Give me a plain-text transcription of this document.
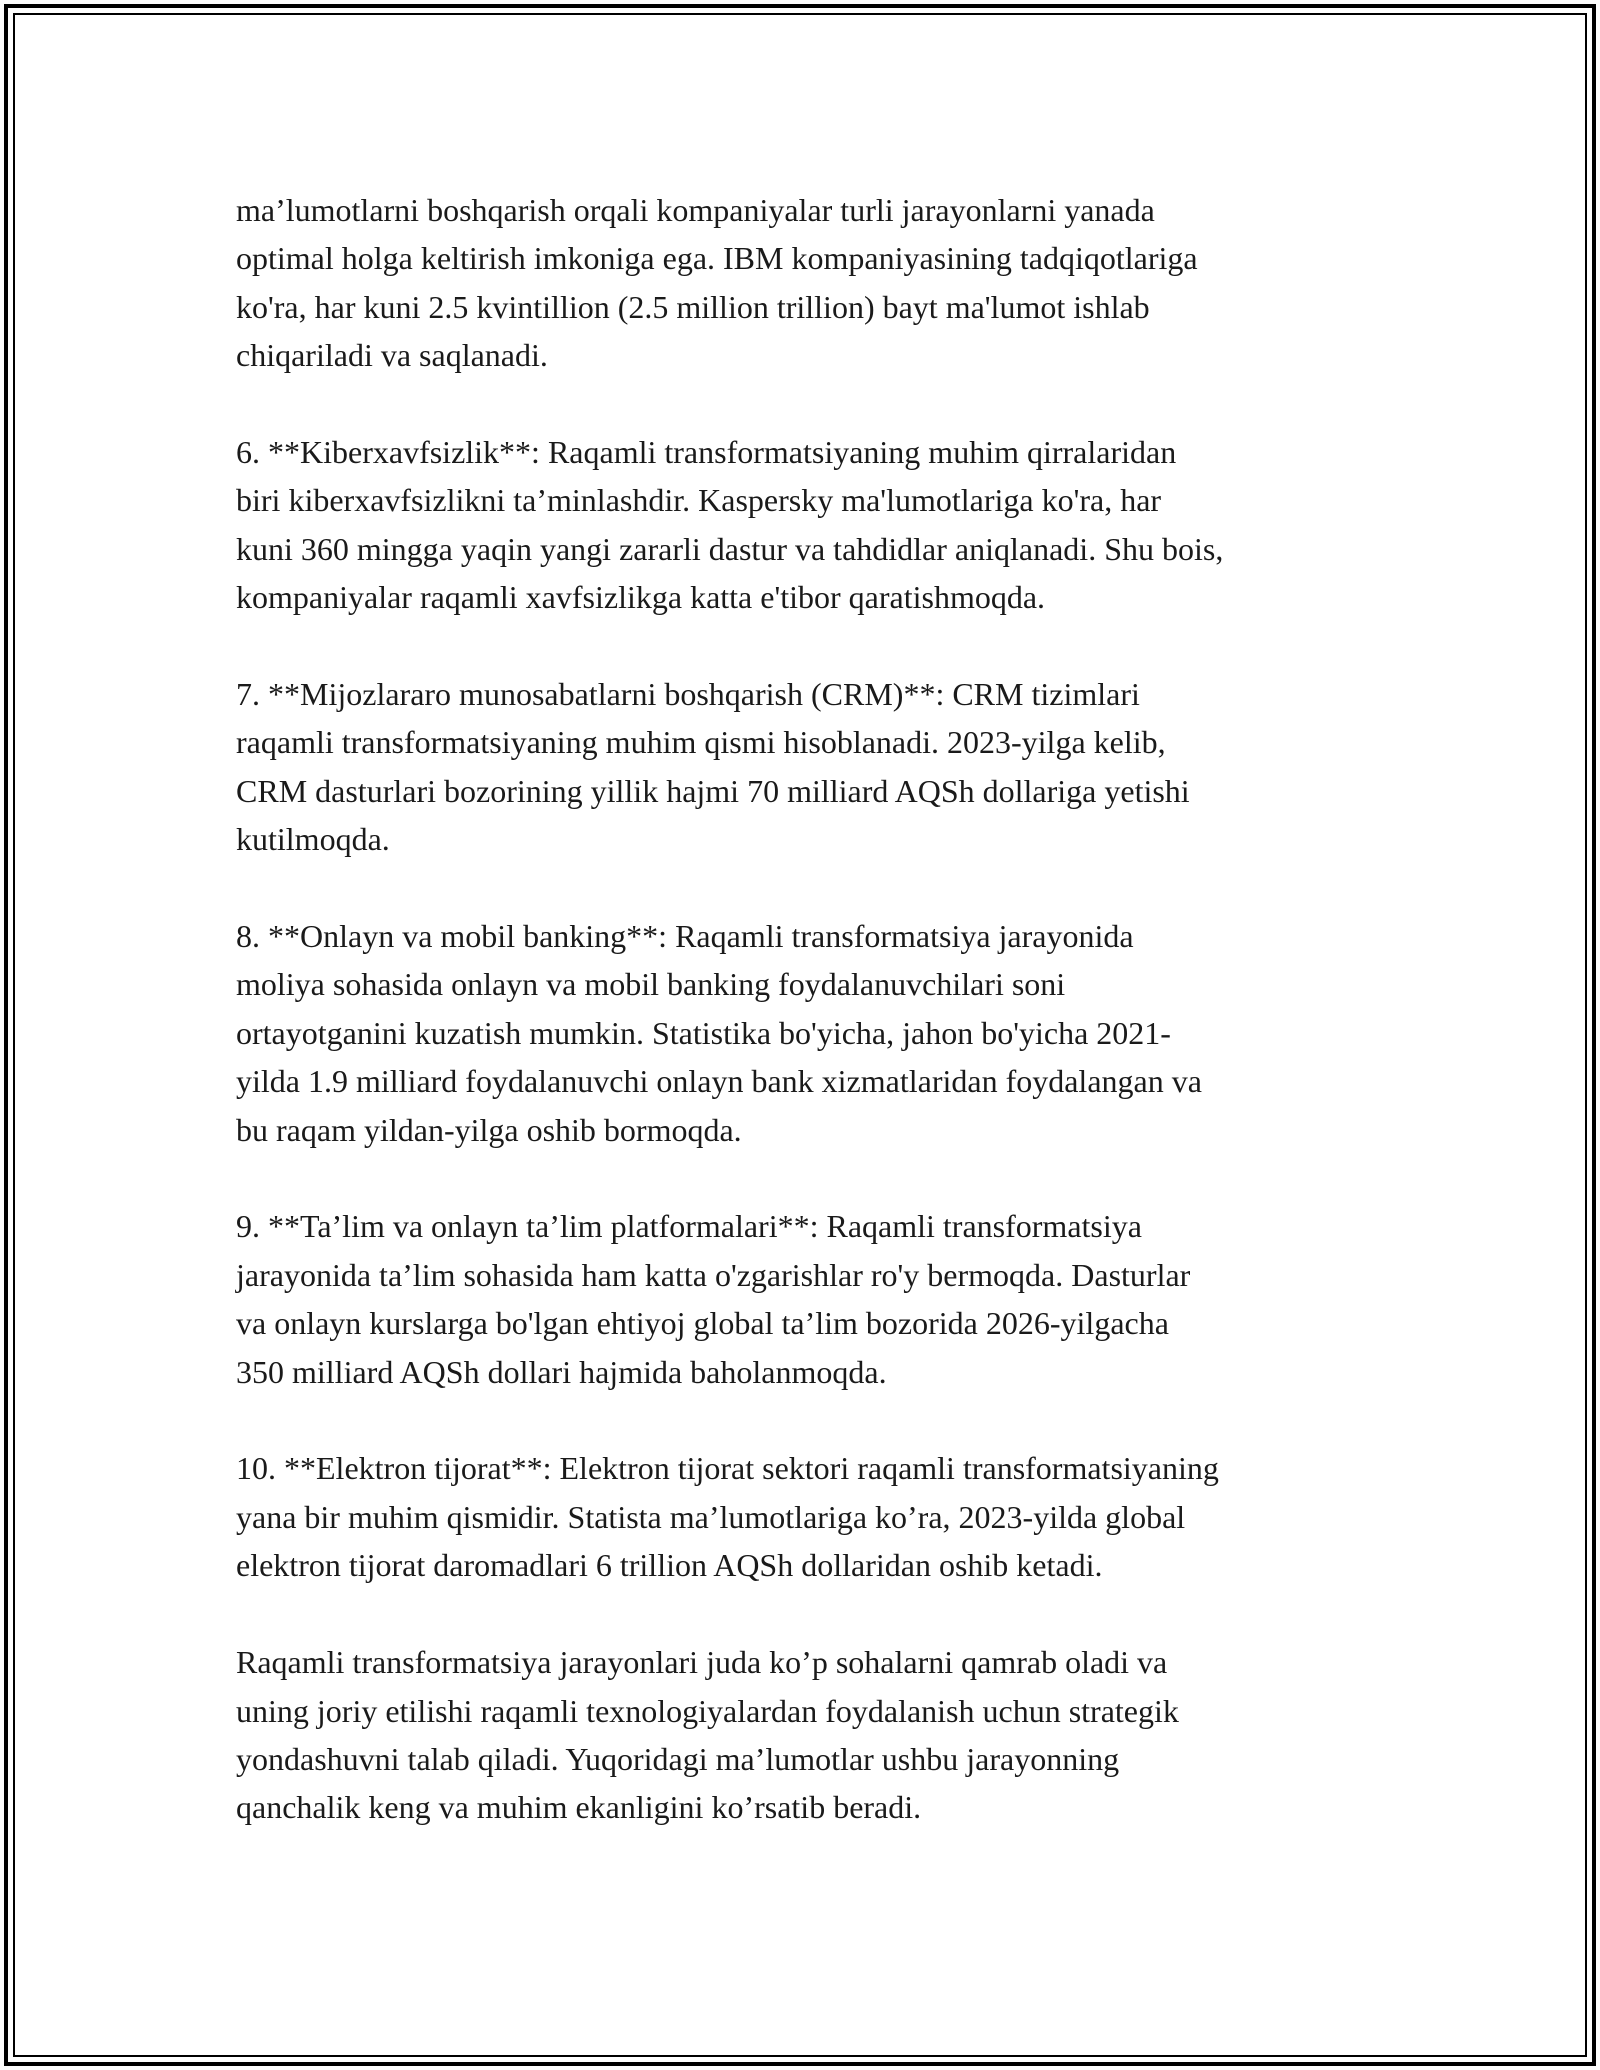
ma’lumotlarni boshqarish orqali kompaniyalar turli jarayonlarni yanada
optimal holga keltirish imkoniga ega. IBM kompaniyasining tadqiqotlariga
ko'ra, har kuni 2.5 kvintillion (2.5 million trillion) bayt ma'lumot ishlab
chiqariladi va saqlanadi.

6. **Kiberxavfsizlik**: Raqamli transformatsiyaning muhim qirralaridan
biri kiberxavfsizlikni ta’minlashdir. Kaspersky ma'lumotlariga ko'ra, har
kuni 360 mingga yaqin yangi zararli dastur va tahdidlar aniqlanadi. Shu bois,
kompaniyalar raqamli xavfsizlikga katta e'tibor qaratishmoqda.

7. **Mijozlararo munosabatlarni boshqarish (CRM)**: CRM tizimlari
raqamli transformatsiyaning muhim qismi hisoblanadi. 2023-yilga kelib,
CRM dasturlari bozorining yillik hajmi 70 milliard AQSh dollariga yetishi
kutilmoqda.

8. **Onlayn va mobil banking**: Raqamli transformatsiya jarayonida
moliya sohasida onlayn va mobil banking foydalanuvchilari soni
ortayotganini kuzatish mumkin. Statistika bo'yicha, jahon bo'yicha 2021-
yilda 1.9 milliard foydalanuvchi onlayn bank xizmatlaridan foydalangan va
bu raqam yildan-yilga oshib bormoqda.

9. **Ta’lim va onlayn ta’lim platformalari**: Raqamli transformatsiya
jarayonida ta’lim sohasida ham katta o'zgarishlar ro'y bermoqda. Dasturlar
va onlayn kurslarga bo'lgan ehtiyoj global ta’lim bozorida 2026-yilgacha
350 milliard AQSh dollari hajmida baholanmoqda.

10. **Elektron tijorat**: Elektron tijorat sektori raqamli transformatsiyaning
yana bir muhim qismidir. Statista ma’lumotlariga ko’ra, 2023-yilda global
elektron tijorat daromadlari 6 trillion AQSh dollaridan oshib ketadi.

Raqamli transformatsiya jarayonlari juda ko’p sohalarni qamrab oladi va
uning joriy etilishi raqamli texnologiyalardan foydalanish uchun strategik
yondashuvni talab qiladi. Yuqoridagi ma’lumotlar ushbu jarayonning
qanchalik keng va muhim ekanligini ko’rsatib beradi.
